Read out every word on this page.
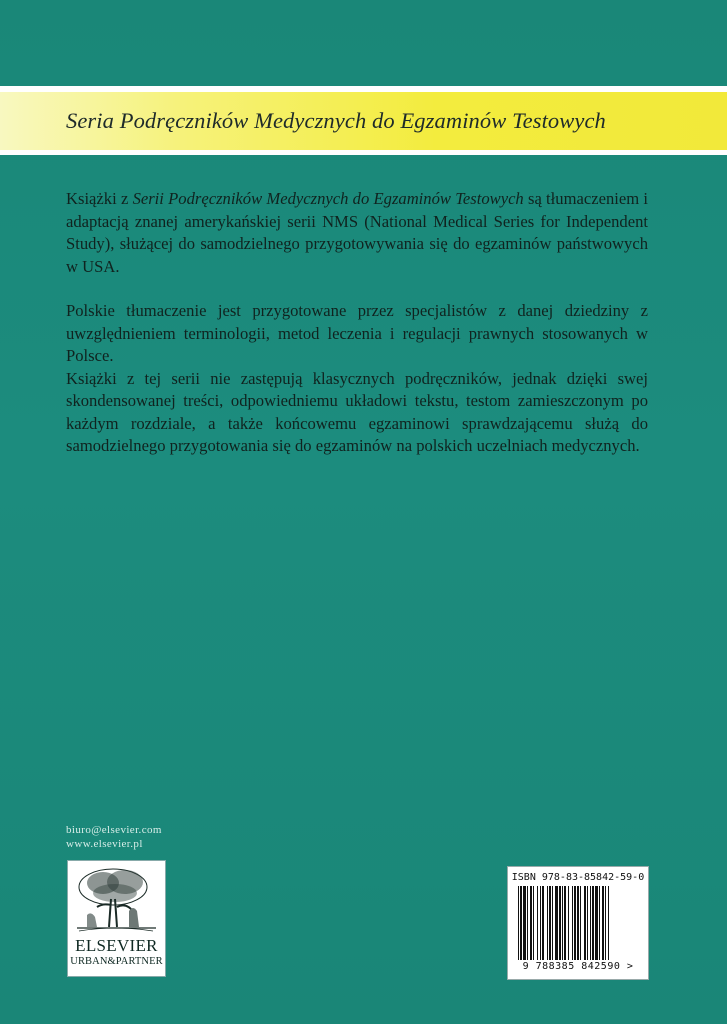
Seria Podręczników Medycznych do Egzaminów Testowych

Książki z Serii Podręczników Medycznych do Egzaminów Testowych są tłumaczeniem i adaptacją znanej amerykańskiej serii NMS (National Medical Series for Independent Study), służącej do samodzielnego przygotowywania się do egzaminów państwowych w USA.

Polskie tłumaczenie jest przygotowane przez specjalistów z danej dziedziny z uwzględnieniem terminologii, metod leczenia i regulacji prawnych stosowanych w Polsce.

Książki z tej serii nie zastępują klasycznych podręczników, jednak dzięki swej skondensowanej treści, odpowiedniemu układowi tekstu, testom zamieszczonym po każdym rozdziale, a także końcowemu egzaminowi sprawdzającemu służą do samodzielnego przygotowania się do egzaminów na polskich uczelniach medycznych.

biuro@elsevier.com
www.elsevier.pl
ELSEVIER
URBAN&PARTNER
ISBN 978-83-85842-59-0
9 788385 842590 >
